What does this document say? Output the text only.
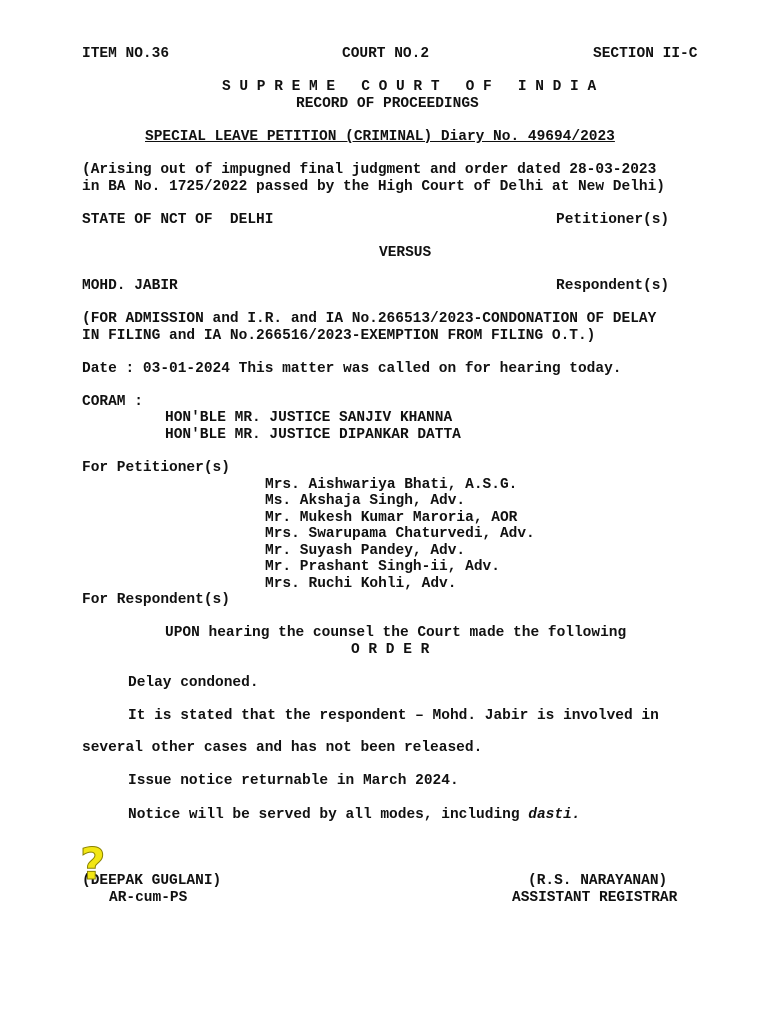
ITEM NO.36	COURT NO.2	SECTION II-C
S U P R E M E   C O U R T   O F   I N D I A
RECORD OF PROCEEDINGS
SPECIAL LEAVE PETITION (CRIMINAL) Diary No. 49694/2023
(Arising out of impugned final judgment and order dated 28-03-2023
in BA No. 1725/2022 passed by the High Court of Delhi at New Delhi)
STATE OF NCT OF  DELHI	Petitioner(s)
VERSUS
MOHD. JABIR	Respondent(s)
(FOR ADMISSION and I.R. and IA No.266513/2023-CONDONATION OF DELAY
IN FILING and IA No.266516/2023-EXEMPTION FROM FILING O.T.)
Date : 03-01-2024 This matter was called on for hearing today.
CORAM :
HON'BLE MR. JUSTICE SANJIV KHANNA
HON'BLE MR. JUSTICE DIPANKAR DATTA
For Petitioner(s)
Mrs. Aishwariya Bhati, A.S.G.
Ms. Akshaja Singh, Adv.
Mr. Mukesh Kumar Maroria, AOR
Mrs. Swarupama Chaturvedi, Adv.
Mr. Suyash Pandey, Adv.
Mr. Prashant Singh-ii, Adv.
Mrs. Ruchi Kohli, Adv.
For Respondent(s)
UPON hearing the counsel the Court made the following
O R D E R
Delay condoned.
It is stated that the respondent – Mohd. Jabir is involved in
several other cases and has not been released.
Issue notice returnable in March 2024.
Notice will be served by all modes, including dasti.
(DEEPAK GUGLANI)
AR-cum-PS
(R.S. NARAYANAN)
ASSISTANT REGISTRAR
?
